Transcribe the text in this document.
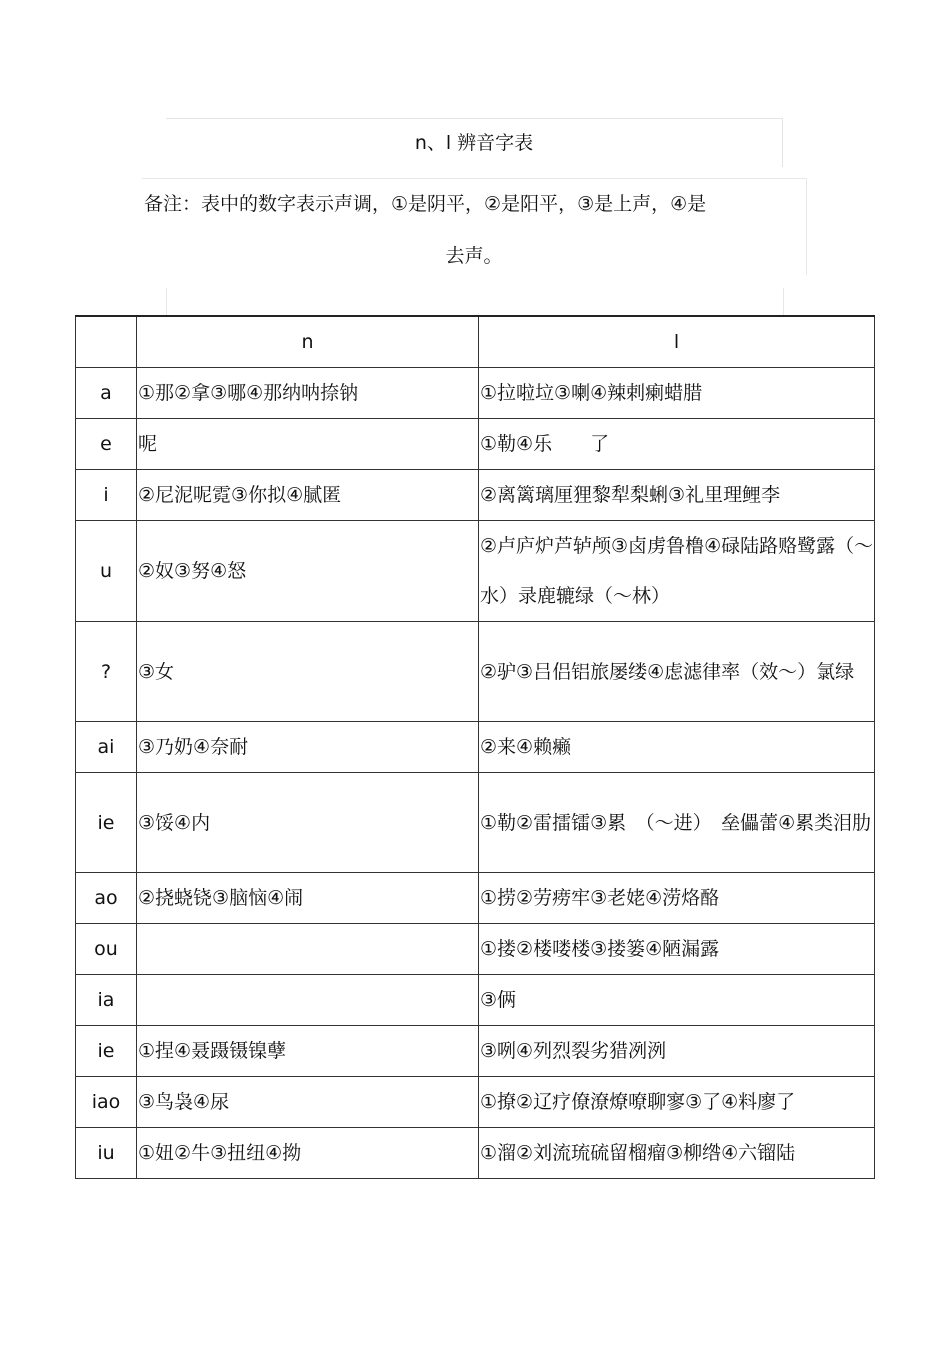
n、l 辨音字表
备注：表中的数字表示声调，①是阴平，②是阳平，③是上声，④是
去声。
	n	l
a	①那②拿③哪④那纳呐捺钠	①拉啦垃③喇④辣剌瘌蜡腊
e	呢	①勒④乐　　了
i	②尼泥呢霓③你拟④腻匿	②离篱璃厘狸黎犁梨蜊③礼里理鲤李
u	②奴③努④怒	②卢庐炉芦轳颅③卤虏鲁橹④碌陆路赂鹭露（～水）录鹿辘绿（～林）
?	③女	②驴③吕侣铝旅屡缕④虑滤律率（效～）氯绿
ai	③乃奶④奈耐	②来④赖癞
ie	③馁④内	①勒②雷擂镭③累　（～进）　垒儡蕾④累类泪肋
ao	②挠蛲铙③脑恼④闹	①捞②劳痨牢③老姥④涝烙酪
ou		①搂②楼喽楼③搂篓④陋漏露
ia		③俩
ie	①捏④聂蹑镊镍孽	③咧④列烈裂劣猎冽洌
iao	③鸟袅④尿	①撩②辽疗僚潦燎嘹聊寥③了④料廖了
iu	①妞②牛③扭纽④拗	①溜②刘流琉硫留榴瘤③柳绺④六镏陆
